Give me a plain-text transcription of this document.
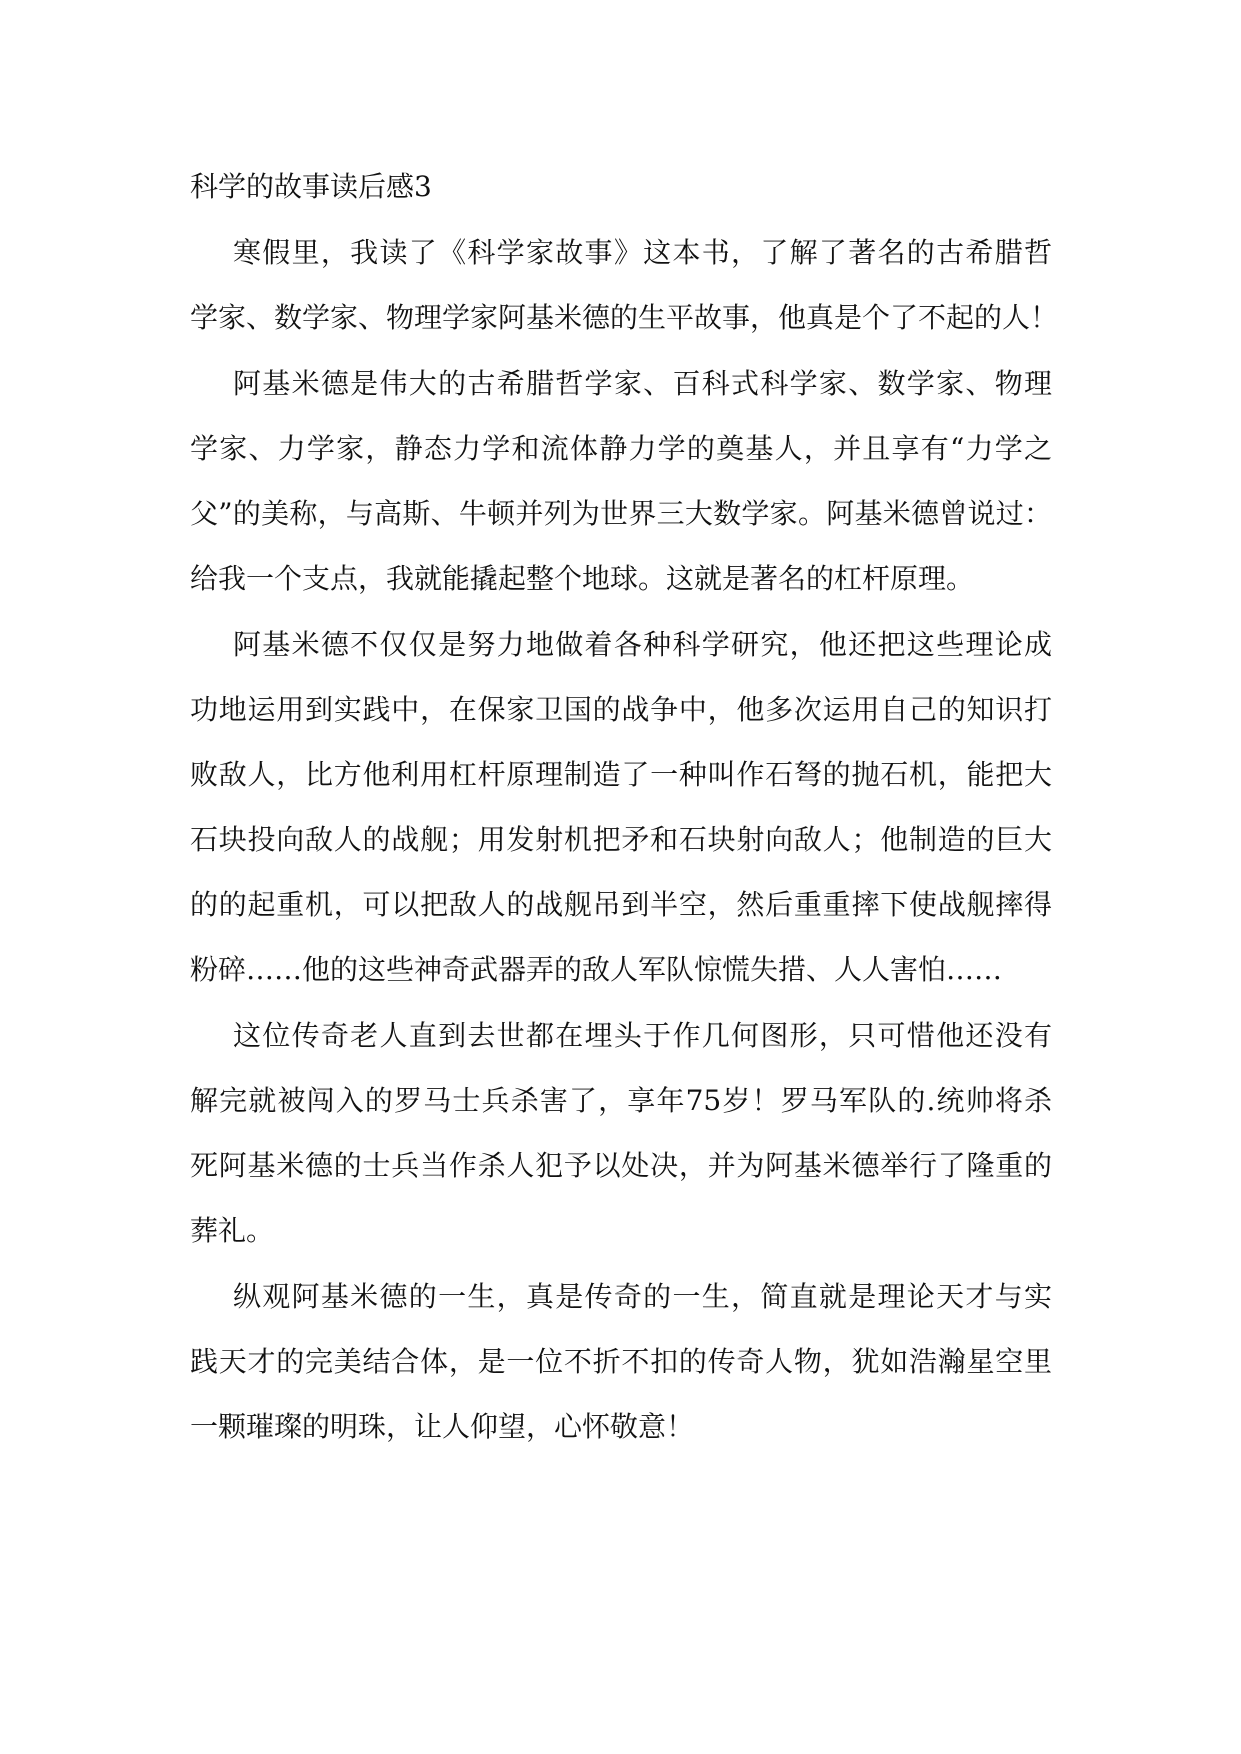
科学的故事读后感3
寒假里，我读了《科学家故事》这本书，了解了著名的古希腊哲
学家、数学家、物理学家阿基米德的生平故事，他真是个了不起的人！
阿基米德是伟大的古希腊哲学家、百科式科学家、数学家、物理
学家、力学家，静态力学和流体静力学的奠基人，并且享有“力学之
父”的美称，与高斯、牛顿并列为世界三大数学家。阿基米德曾说过：
给我一个支点，我就能撬起整个地球。这就是著名的杠杆原理。
阿基米德不仅仅是努力地做着各种科学研究，他还把这些理论成
功地运用到实践中，在保家卫国的战争中，他多次运用自己的知识打
败敌人，比方他利用杠杆原理制造了一种叫作石弩的抛石机，能把大
石块投向敌人的战舰；用发射机把矛和石块射向敌人；他制造的巨大
的的起重机，可以把敌人的战舰吊到半空，然后重重摔下使战舰摔得
粉碎……他的这些神奇武器弄的敌人军队惊慌失措、人人害怕……
这位传奇老人直到去世都在埋头于作几何图形，只可惜他还没有
解完就被闯入的罗马士兵杀害了，享年75岁！罗马军队的.统帅将杀
死阿基米德的士兵当作杀人犯予以处决，并为阿基米德举行了隆重的
葬礼。
纵观阿基米德的一生，真是传奇的一生，简直就是理论天才与实
践天才的完美结合体，是一位不折不扣的传奇人物，犹如浩瀚星空里
一颗璀璨的明珠，让人仰望，心怀敬意！
